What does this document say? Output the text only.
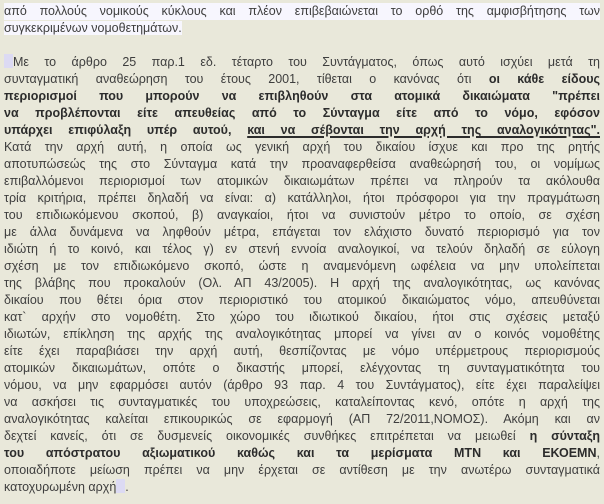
από πολλούς νομικούς κύκλους και πλέον επιβεβαιώνεται το ορθό της αμφισβήτησης των
συγκεκριμένων νομοθετημάτων.
Με το άρθρο 25 παρ.1 εδ. τέταρτο του Συντάγματος, όπως αυτό ισχύει μετά τη
συνταγματική αναθεώρηση του έτους 2001, τίθεται ο κανόνας ότι οι κάθε είδους
περιορισμοί που μπορούν να επιβληθούν στα ατομικά δικαιώματα "πρέπει
να προβλέπονται είτε απευθείας από το Σύνταγμα είτε από το νόμο, εφόσον
υπάρχει επιφύλαξη υπέρ αυτού, και να σέβονται την αρχή της αναλογικότητας".
Κατά την αρχή αυτή, η οποία ως γενική αρχή του δικαίου ίσχυε και προ της ρητής
αποτυπώσεώς της στο Σύνταγμα κατά την προαναφερθείσα αναθεώρησή του, οι νομίμως
επιβαλλόμενοι περιορισμοί των ατομικών δικαιωμάτων πρέπει να πληρούν τα ακόλουθα
τρία κριτήρια, πρέπει δηλαδή να είναι: α) κατάλληλοι, ήτοι πρόσφοροι για την πραγμάτωση
του επιδιωκόμενου σκοπού, β) αναγκαίοι, ήτοι να συνιστούν μέτρο το οποίο, σε σχέση
με άλλα δυνάμενα να ληφθούν μέτρα, επάγεται τον ελάχιστο δυνατό περιορισμό για τον
ιδιώτη ή το κοινό, και τέλος γ) εν στενή εννοία αναλογικοί, να τελούν δηλαδή σε εύλογη
σχέση με τον επιδιωκόμενο σκοπό, ώστε η αναμενόμενη ωφέλεια να μην υπολείπεται
της βλάβης που προκαλούν (Ολ. ΑΠ 43/2005). Η αρχή της αναλογικότητας, ως κανόνας
δικαίου που θέτει όρια στον περιοριστικό του ατομικού δικαιώματος νόμο, απευθύνεται
κατ` αρχήν στο νομοθέτη. Στο χώρο του ιδιωτικού δικαίου, ήτοι στις σχέσεις μεταξύ
ιδιωτών, επίκληση της αρχής της αναλογικότητας μπορεί να γίνει αν ο κοινός νομοθέτης
είτε έχει παραβιάσει την αρχή αυτή, θεσπίζοντας με νόμο υπέρμετρους περιορισμούς
ατομικών δικαιωμάτων, οπότε ο δικαστής μπορεί, ελέγχοντας τη συνταγματικότητα του
νόμου, να μην εφαρμόσει αυτόν (άρθρο 93 παρ. 4 του Συντάγματος), είτε έχει παραλείψει
να ασκήσει τις συνταγματικές του υποχρεώσεις, καταλείποντας κενό, οπότε η αρχή της
αναλογικότητας καλείται επικουρικώς σε εφαρμογή (ΑΠ 72/2011,ΝΟΜΟΣ). Ακόμη και αν
δεχτεί κανείς, ότι σε δυσμενείς οικονομικές συνθήκες επιτρέπεται να μειωθεί η σύνταξη
του απόστρατου αξιωματικού καθώς και τα μερίσματα ΜΤΝ και ΕΚΟΕΜΝ,
οποιαδήποτε μείωση πρέπει να μην έρχεται σε αντίθεση με την ανωτέρω συνταγματικά
κατοχυρωμένη αρχή .
